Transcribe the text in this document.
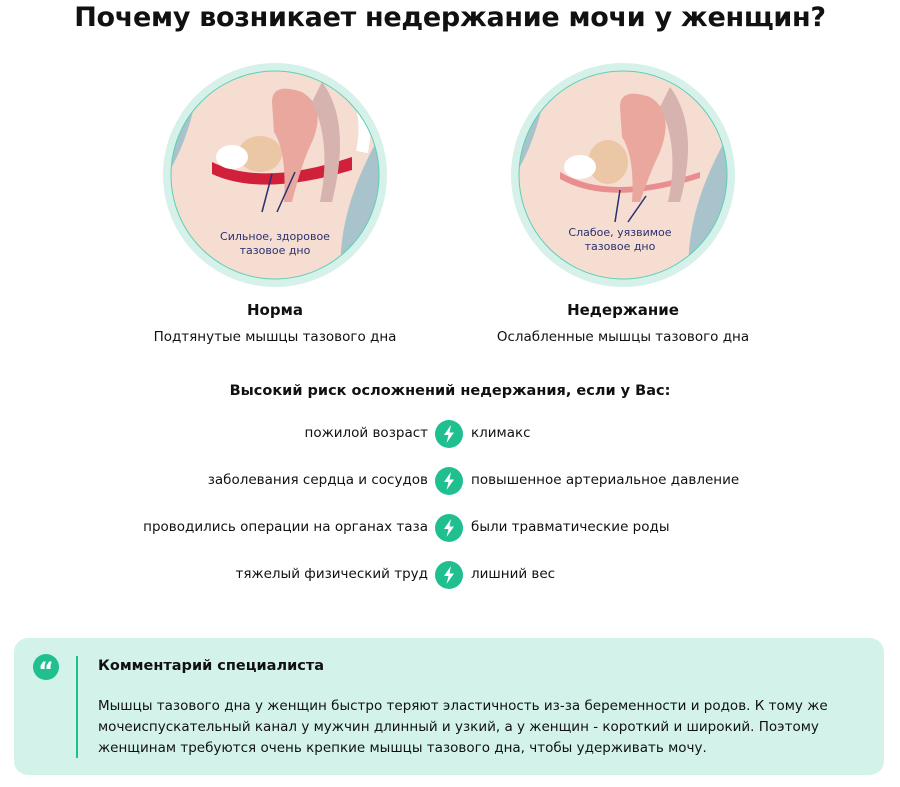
Почему возникает недержание мочи у женщин?
Сильное, здоровое
тазовое дно
Слабое, уязвимое
тазовое дно
Норма
Подтянутые мышцы тазового дна
Недержание
Ослабленные мышцы тазового дна
Высокий риск осложнений недержания, если у Вас:
пожилой возраст	климакс
заболевания сердца и сосудов	повышенное артериальное давление
проводились операции на органах таза	были травматические роды
тяжелый физический труд	лишний вес
“	Комментарий специалиста
Мышцы тазового дна у женщин быстро теряют эластичность из-за беременности и родов. К тому же мочеиспускательный канал у мужчин длинный и узкий, а у женщин - короткий и широкий. Поэтому женщинам требуются очень крепкие мышцы тазового дна, чтобы удерживать мочу.
